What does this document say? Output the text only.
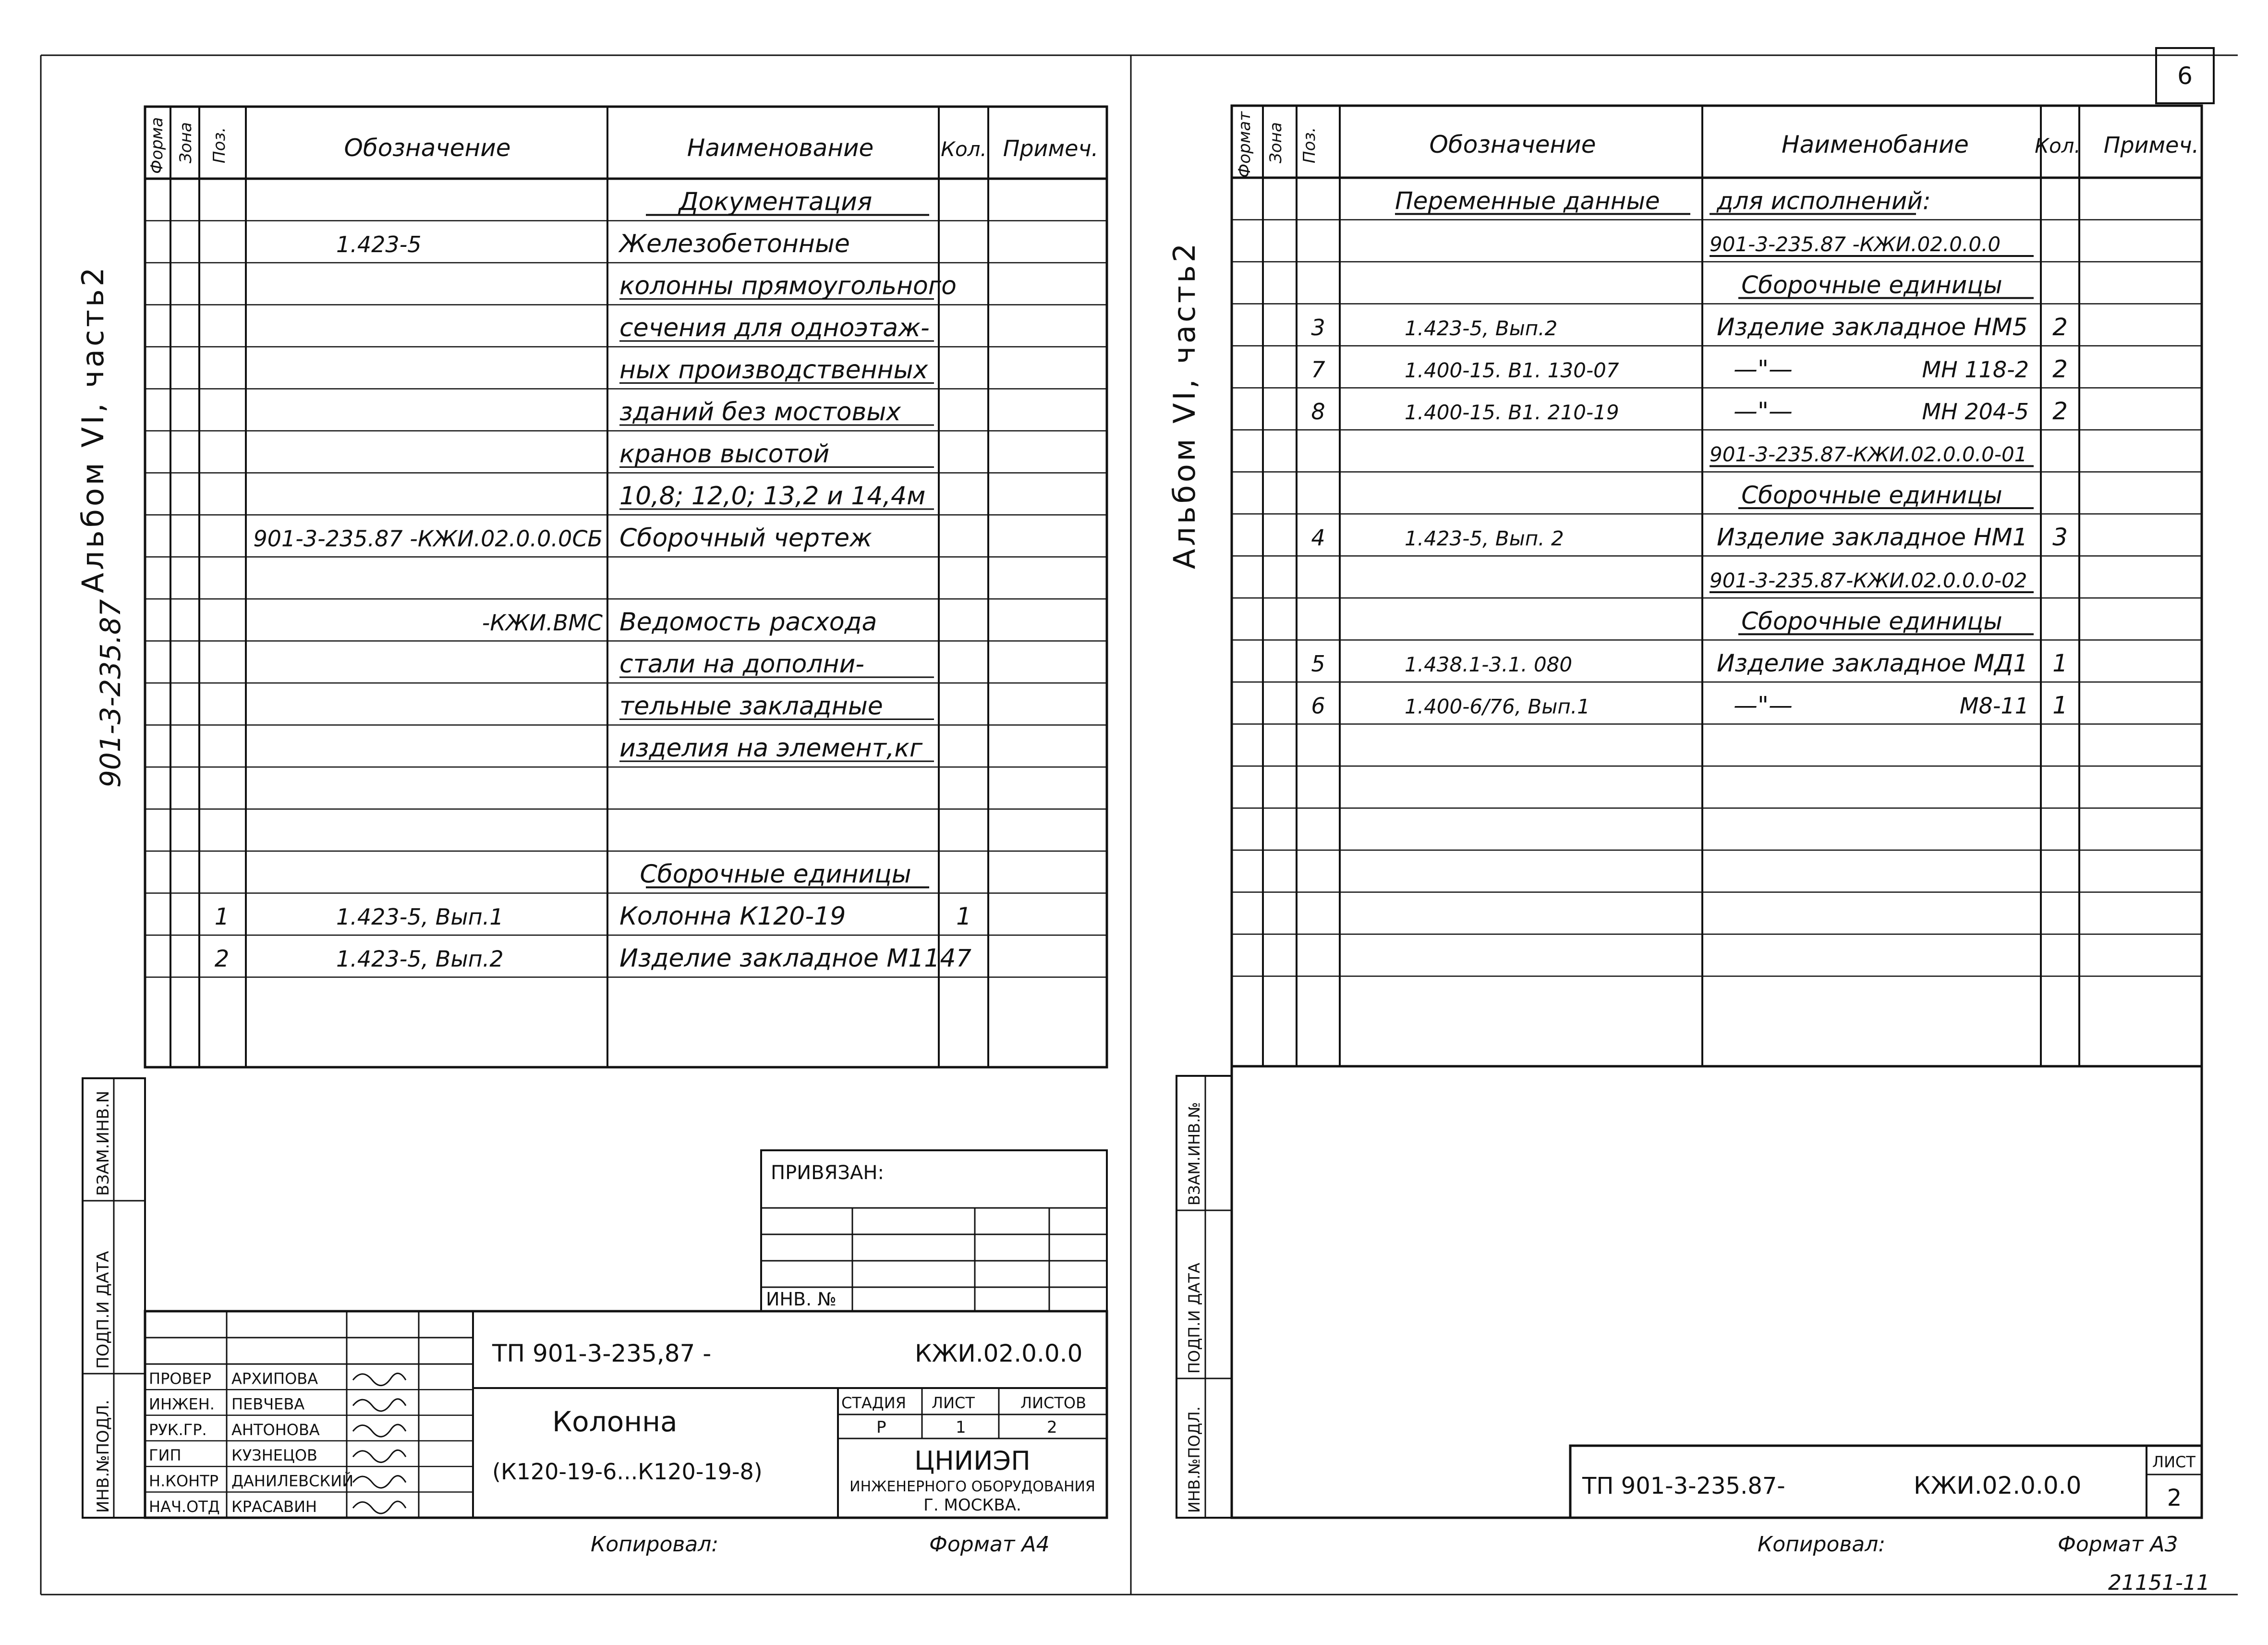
901-3-235.87
Альбом VI, часть2
Форма Зона Поз.	Обозначение	Наименование	Кол. Примеч.
Документация
1.423-5	Железобетонные
колонны прямоугольного
сечения для одноэтаж-
ных производственных
зданий без мостовых
кранов высотой
10,8; 12,0; 13,2 и 14,4м
901-3-235.87 -КЖИ.02.0.0.0СБ Сборочный чертеж
-КЖИ.ВМС Ведомость расхода
стали на дополни-
тельные закладные
изделия на элемент,кг
Сборочные единицы
1	1.423-5, Вып.1	Колонна К120-19	1
2	1.423-5, Вып.2	Изделие закладное М114 7
ВЗАМ.ИНВ.N
ПОДП.И ДАТА
ИНВ.№ПОДЛ.
ПРИВЯЗАН:
ИНВ. №
ТП 901-3-235,87 -	КЖИ.02.0.0.0
Колонна
(К120-19-6...К120-19-8)
СТАДИЯ ЛИСТ	ЛИСТОВ
Р	1	2
ЦНИИЭП
ИНЖЕНЕРНОГО ОБОРУДОВАНИЯ
Г. МОСКВА.
ПРОВЕР АРХИПОВА
ИНЖЕН. ПЕВЧЕВА
РУК.ГР. АНТОНОВА
ГИП	КУЗНЕЦОВ
Н.КОНТР ДАНИЛЕВСКИЙ
НАЧ.ОТД КРАСАВИН
Копировал:	Формат А4
6
Альбом VI, часть2
Формат Зона Поз.	Обозначение	Наименобание	Кол. Примеч.
Переменные данные для исполнений:
901-3-235.87 -КЖИ.02.0.0.0
Сборочные единицы
3	1.423-5, Вып.2	Изделие закладное НМ5 2
7	1.400-15. В1. 130-07	—"—	МН 118-2 2
8	1.400-15. В1. 210-19	—"—	МН 204-5 2
901-3-235.87-КЖИ.02.0.0.0-01
Сборочные единицы
4	1.423-5, Вып. 2	Изделие закладное НМ1 3
901-3-235.87-КЖИ.02.0.0.0-02
Сборочные единицы
5	1.438.1-3.1. 080	Изделие закладное МД1 1
6	1.400-6/76, Вып.1	—"—	М8-11 1
ВЗАМ.ИНВ.№
ПОДП.И ДАТА
ИНВ.№ПОДЛ.	ТП 901-3-235.87-	КЖИ.02.0.0.0
ЛИСТ
2
Копировал:	Формат А3
21151-11
